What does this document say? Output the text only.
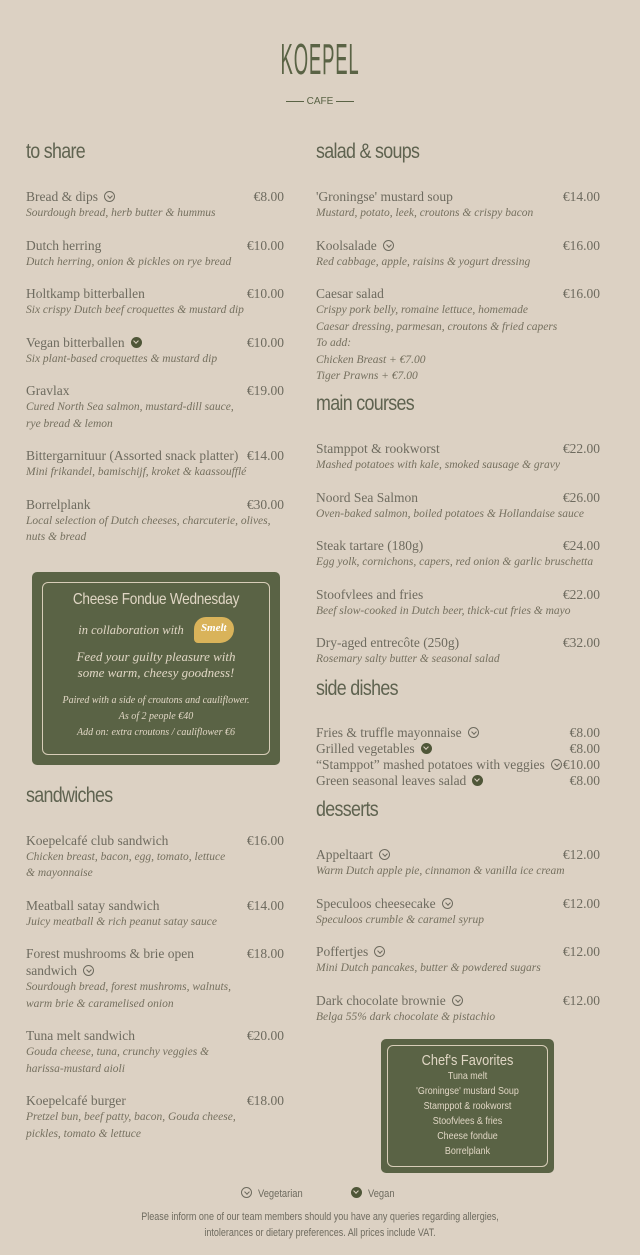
KOEPEL
CAFE
to share
Bread & dips	€8.00
Sourdough bread, herb butter & hummus
Dutch herring	€10.00
Dutch herring, onion & pickles on rye bread
Holtkamp bitterballen	€10.00
Six crispy Dutch beef croquettes & mustard dip
Vegan bitterballen	€10.00
Six plant-based croquettes & mustard dip
Gravlax	€19.00
Cured North Sea salmon, mustard-dill sauce,
rye bread & lemon
Bittergarnituur (Assorted snack platter) €14.00
Mini frikandel, bamischijf, kroket & kaassoufflé
Borrelplank	€30.00
Local selection of Dutch cheeses, charcuterie, olives,
nuts & bread
sandwiches
Koepelcafé club sandwich	€16.00
Chicken breast, bacon, egg, tomato, lettuce
& mayonnaise
Meatball satay sandwich	€14.00
Juicy meatball & rich peanut satay sauce
Forest mushrooms & brie open sandwich
€18.00
Sourdough bread, forest mushroms, walnuts,
warm brie & caramelised onion
Tuna melt sandwich	€20.00
Gouda cheese, tuna, crunchy veggies &
harissa-mustard aioli
Koepelcafé burger	€18.00
Pretzel bun, beef patty, bacon, Gouda cheese,
pickles, tomato & lettuce
salad & soups
'Groningse' mustard soup	€14.00
Mustard, potato, leek, croutons & crispy bacon
Koolsalade	€16.00
Red cabbage, apple, raisins & yogurt dressing
Caesar salad	€16.00
Crispy pork belly, romaine lettuce, homemade
Caesar dressing, parmesan, croutons & fried capers
To add:
Chicken Breast + €7.00
Tiger Prawns + €7.00
main courses
Stamppot & rookworst	€22.00
Mashed potatoes with kale, smoked sausage & gravy
Noord Sea Salmon	€26.00
Oven-baked salmon, boiled potatoes & Hollandaise sauce
Steak tartare (180g)	€24.00
Egg yolk, cornichons, capers, red onion & garlic bruschetta
Stoofvlees and fries	€22.00
Beef slow-cooked in Dutch beer, thick-cut fries & mayo
Dry-aged entrecôte (250g)	€32.00
Rosemary salty butter & seasonal salad
side dishes
Fries & truffle mayonnaise	€8.00
Grilled vegetables	€8.00
“Stamppot” mashed potatoes with veggies	€10.00
Green seasonal leaves salad	€8.00
desserts
Appeltaart	€12.00
Warm Dutch apple pie, cinnamon & vanilla ice cream
Speculoos cheesecake	€12.00
Speculoos crumble & caramel syrup
Poffertjes	€12.00
Mini Dutch pancakes, butter & powdered sugars
Dark chocolate brownie	€12.00
Belga 55% dark chocolate & pistachio
Cheese Fondue Wednesday
in collaboration with	Smelt
Feed your guilty pleasure with
some warm, cheesy goodness!
Paired with a side of croutons and cauliflower.
As of 2 people €40
Add on: extra croutons / cauliflower €6
Chef's Favorites
Tuna melt
'Groningse' mustard Soup
Stamppot & rookworst
Stoofvlees & fries
Cheese fondue
Borrelplank
Vegetarian	Vegan
Please inform one of our team members should you have any queries regarding allergies,
intolerances or dietary preferences. All prices include VAT.
